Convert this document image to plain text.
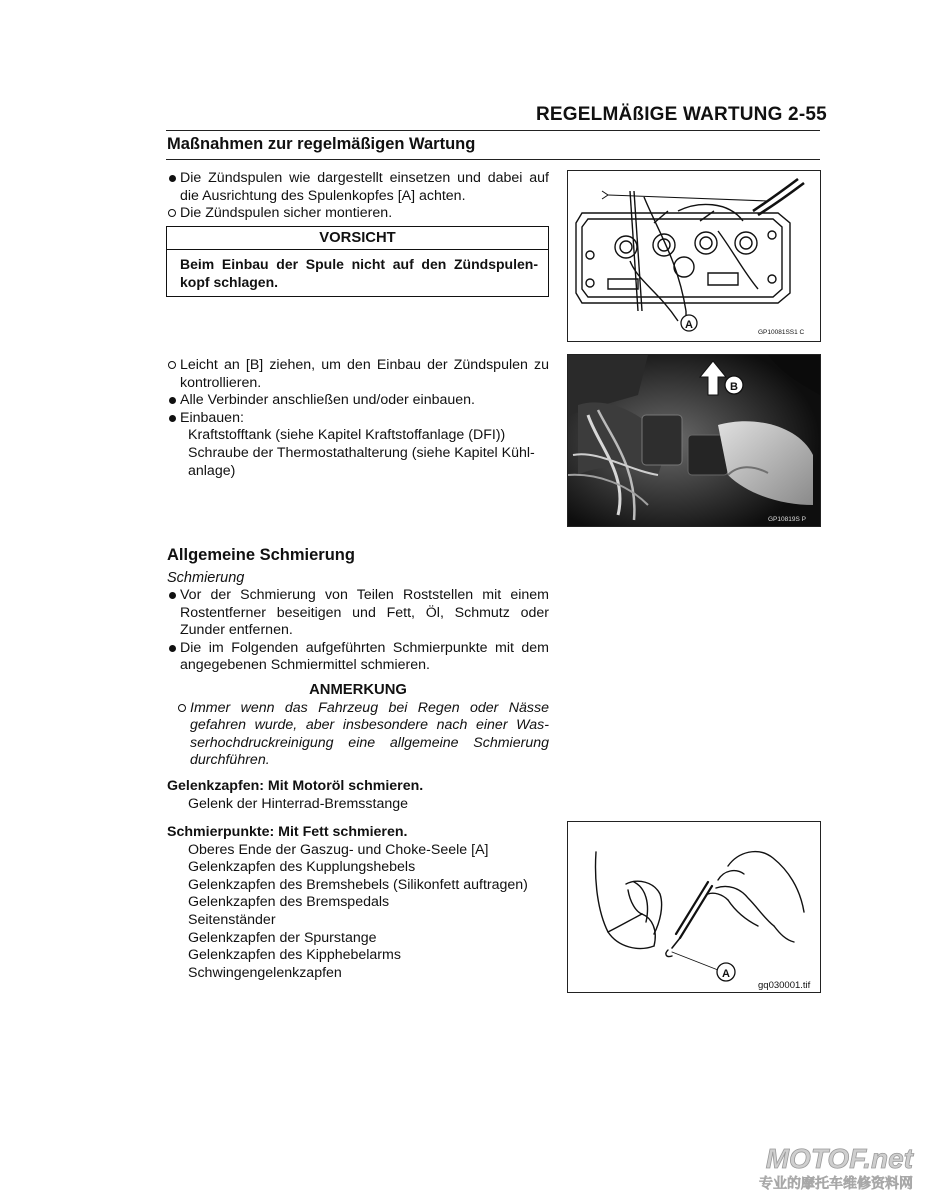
REGELMÄßIGE WARTUNG 2-55
Maßnahmen zur regelmäßigen Wartung

Die Zündspulen wie dargestellt einsetzen und dabei auf die Ausrichtung des Spulenkopfes [A] achten.

Die Zündspulen sicher montieren.

VORSICHT
Beim Einbau der Spule nicht auf den Zündspulen-kopf schlagen.

Leicht an [B] ziehen, um den Einbau der Zündspulen zu kontrollieren.

Alle Verbinder anschließen und/oder einbauen.

Einbauen:

Kraftstofftank (siehe Kapitel Kraftstoffanlage (DFI))

Schraube der Thermostathalterung (siehe Kapitel Kühl-anlage)

A
GP10081SS1 C
B
GP10819S P
Allgemeine Schmierung
Schmierung

Vor der Schmierung von Teilen Roststellen mit einem Rostentferner beseitigen und Fett, Öl, Schmutz oder Zunder entfernen.

Die im Folgenden aufgeführten Schmierpunkte mit dem angegebenen Schmiermittel schmieren.

ANMERKUNG

Immer wenn das Fahrzeug bei Regen oder Nässe gefahren wurde, aber insbesondere nach einer Was-serhochdruckreinigung eine allgemeine Schmierung durchführen.

Gelenkzapfen: Mit Motoröl schmieren.

Gelenk der Hinterrad-Bremsstange

Schmierpunkte: Mit Fett schmieren.

Oberes Ende der Gaszug- und Choke-Seele [A]

Gelenkzapfen des Kupplungshebels

Gelenkzapfen des Bremshebels (Silikonfett auftragen)

Gelenkzapfen des Bremspedals

Seitenständer

Gelenkzapfen der Spurstange

Gelenkzapfen des Kipphebelarms

Schwingengelenkzapfen	A
gq030001.tif
MOTOF.net
专业的摩托车维修资料网
